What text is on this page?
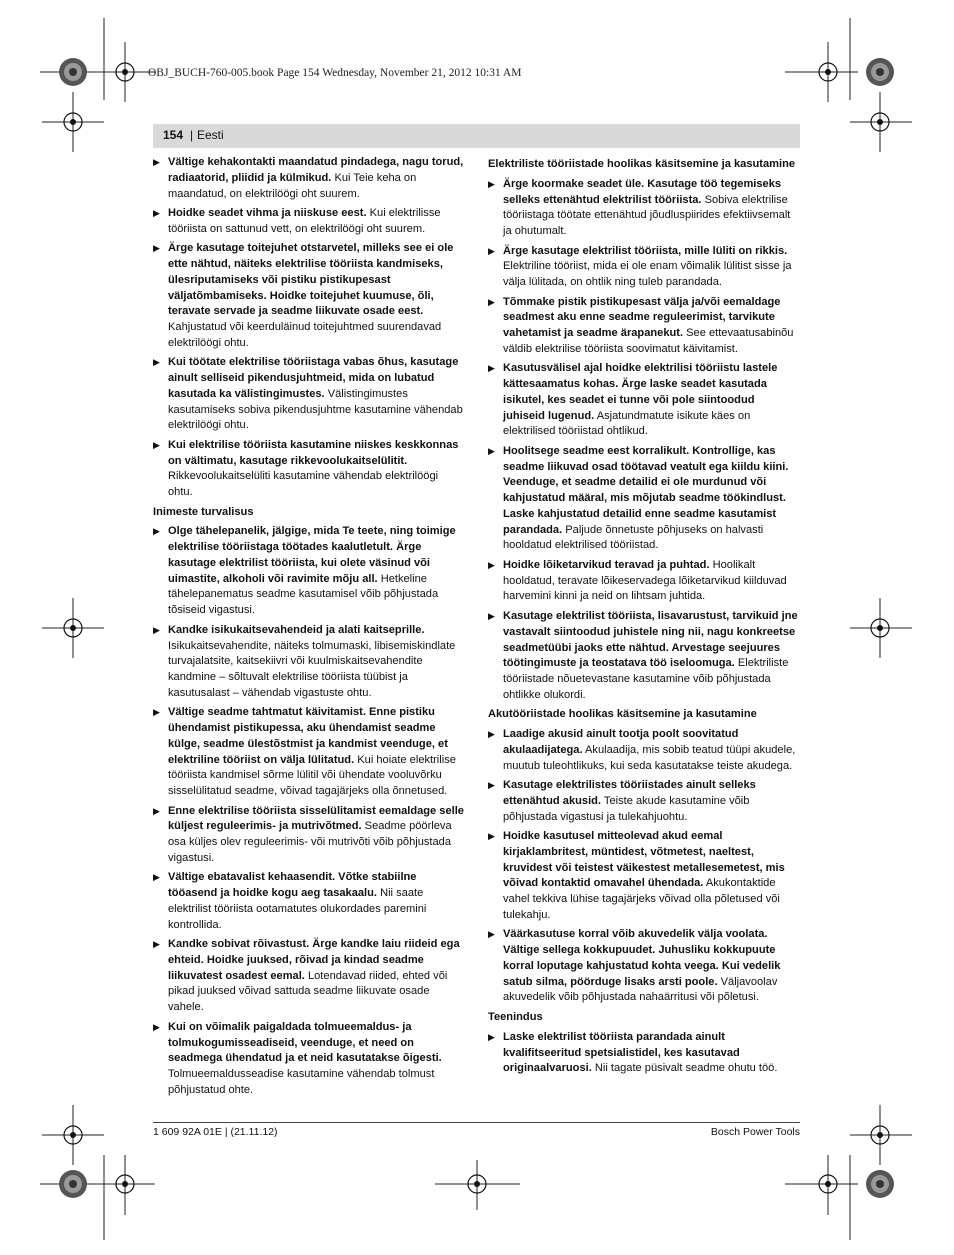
OBJ_BUCH-760-005.book Page 154 Wednesday, November 21, 2012 10:31 AM
154 | Eesti
▶ Vältige kehakontakti maandatud pindadega, nagu torud, radiaatorid, pliidid ja külmikud. Kui Teie keha on maandatud, on elektrilöögi oht suurem.
▶ Hoidke seadet vihma ja niiskuse eest. Kui elektrilisse tööriista on sattunud vett, on elektrilöögi oht suurem.
▶ Ärge kasutage toitejuhet otstarvetel, milleks see ei ole ette nähtud, näiteks elektrilise tööriista kandmiseks, ülesriputamiseks või pistiku pistikupesast väljatõmbamiseks. Hoidke toitejuhet kuumuse, õli, teravate servade ja seadme liikuvate osade eest. Kahjustatud või keerduläinud toitejuhtmed suurendavad elektrilöögi ohtu.
▶ Kui töötate elektrilise tööriistaga vabas õhus, kasutage ainult selliseid pikendusjuhtmeid, mida on lubatud kasutada ka välistingimustes. Välistingimustes kasutamiseks sobiva pikendusjuhtme kasutamine vähendab elektrilöögi ohtu.
▶ Kui elektrilise tööriista kasutamine niiskes keskkonnas on vältimatu, kasutage rikkevoolukaitselülitit. Rikkevoolukaitselüliti kasutamine vähendab elektrilöögi ohtu.
Inimeste turvalisus
▶ Olge tähelepanelik, jälgige, mida Te teete, ning toimige elektrilise tööriistaga töötades kaalutletult. Ärge kasutage elektrilist tööriista, kui olete väsinud või uimastite, alkoholi või ravimite mõju all. Hetkeline tähelepanematus seadme kasutamisel võib põhjustada tõsiseid vigastusi.
▶ Kandke isikukaitsevahendeid ja alati kaitseprille. Isikukaitsevahendite, näiteks tolmumaski, libisemiskindlate turvajalatsite, kaitsekiivri või kuulmiskaitsevahendite kandmine – sõltuvalt elektrilise tööriista tüübist ja kasutusalast – vähendab vigastuste ohtu.
▶ Vältige seadme tahtmatut käivitamist. Enne pistiku ühendamist pistikupessa, aku ühendamist seadme külge, seadme ülestõstmist ja kandmist veenduge, et elektriline tööriist on välja lülitatud. Kui hoiate elektrilise tööriista kandmisel sõrme lülitil või ühendate vooluvõrku sisselülitatud seadme, võivad tagajärjeks olla õnnetused.
▶ Enne elektrilise tööriista sisselülitamist eemaldage selle küljest reguleerimis- ja mutrivõtmed. Seadme pöörleva osa küljes olev reguleerimis- või mutrivõti võib põhjustada vigastusi.
▶ Vältige ebatavalist kehaasendit. Võtke stabiilne tööasend ja hoidke kogu aeg tasakaalu. Nii saate elektrilist tööriista ootamatutes olukordades paremini kontrollida.
▶ Kandke sobivat rõivastust. Ärge kandke laiu riideid ega ehteid. Hoidke juuksed, rõivad ja kindad seadme liikuvatest osadest eemal. Lotendavad riided, ehted või pikad juuksed võivad sattuda seadme liikuvate osade vahele.
▶ Kui on võimalik paigaldada tolmueemaldus- ja tolmukogumisseadiseid, veenduge, et need on seadmega ühendatud ja et neid kasutatakse õigesti. Tolmueemaldusseadise kasutamine vähendab tolmust põhjustatud ohte.
Elektriliste tööriistade hoolikas käsitsemine ja kasutamine
▶ Ärge koormake seadet üle. Kasutage töö tegemiseks selleks ettenähtud elektrilist tööriista. Sobiva elektrilise tööriistaga töötate ettenähtud jõudluspiirides efektiivsemalt ja ohutumalt.
▶ Ärge kasutage elektrilist tööriista, mille lüliti on rikkis. Elektriline tööriist, mida ei ole enam võimalik lülitist sisse ja välja lülitada, on ohtlik ning tuleb parandada.
▶ Tõmmake pistik pistikupesast välja ja/või eemaldage seadmest aku enne seadme reguleerimist, tarvikute vahetamist ja seadme ärapanekut. See ettevaatusabinõu väldib elektrilise tööriista soovimatut käivitamist.
▶ Kasutusvälisel ajal hoidke elektrilisi tööriistu lastele kättesaamatus kohas. Ärge laske seadet kasutada isikutel, kes seadet ei tunne või pole siintoodud juhiseid lugenud. Asjatundmatute isikute käes on elektrilised tööriistad ohtlikud.
▶ Hoolitsege seadme eest korralikult. Kontrollige, kas seadme liikuvad osad töötavad veatult ega kiildu kiini. Veenduge, et seadme detailid ei ole murdunud või kahjustatud määral, mis mõjutab seadme töökindlust. Laske kahjustatud detailid enne seadme kasutamist parandada. Paljude õnnetuste põhjuseks on halvasti hooldatud elektrilised tööriistad.
▶ Hoidke lõiketarvikud teravad ja puhtad. Hoolikalt hooldatud, teravate lõikeservadega lõiketarvikud kiilduvad harvemini kinni ja neid on lihtsam juhtida.
▶ Kasutage elektrilist tööriista, lisavarustust, tarvikuid jne vastavalt siintoodud juhistele ning nii, nagu konkreetse seadmetüübi jaoks ette nähtud. Arvestage seejuures töötingimuste ja teostatava töö iseloomuga. Elektriliste tööriistade nõuetevastane kasutamine võib põhjustada ohtlikke olukordi.
Akutööriistade hoolikas käsitsemine ja kasutamine
▶ Laadige akusid ainult tootja poolt soovitatud akulaadijatega. Akulaadija, mis sobib teatud tüüpi akudele, muutub tuleohtlikuks, kui seda kasutatakse teiste akudega.
▶ Kasutage elektrilistes tööriistades ainult selleks ettenähtud akusid. Teiste akude kasutamine võib põhjustada vigastusi ja tulekahjuohtu.
▶ Hoidke kasutusel mitteolevad akud eemal kirjaklambritest, müntidest, võtmetest, naeltest, kruvidest või teistest väikestest metallesemetest, mis võivad kontaktid omavahel ühendada. Akukontaktide vahel tekkiva lühise tagajärjeks võivad olla põletused või tulekahju.
▶ Väärkasutuse korral võib akuvedelik välja voolata. Vältige sellega kokkupuudet. Juhusliku kokkupuute korral loputage kahjustatud kohta veega. Kui vedelik satub silma, pöörduge lisaks arsti poole. Väljavoolav akuvedelik võib põhjustada nahaärritusi või põletusi.
Teenindus
▶ Laske elektrilist tööriista parandada ainult kvalifitseeritud spetsialistidel, kes kasutavad originaalvaruosi. Nii tagate püsivalt seadme ohutu töö.
1 609 92A 01E | (21.11.12)	Bosch Power Tools
